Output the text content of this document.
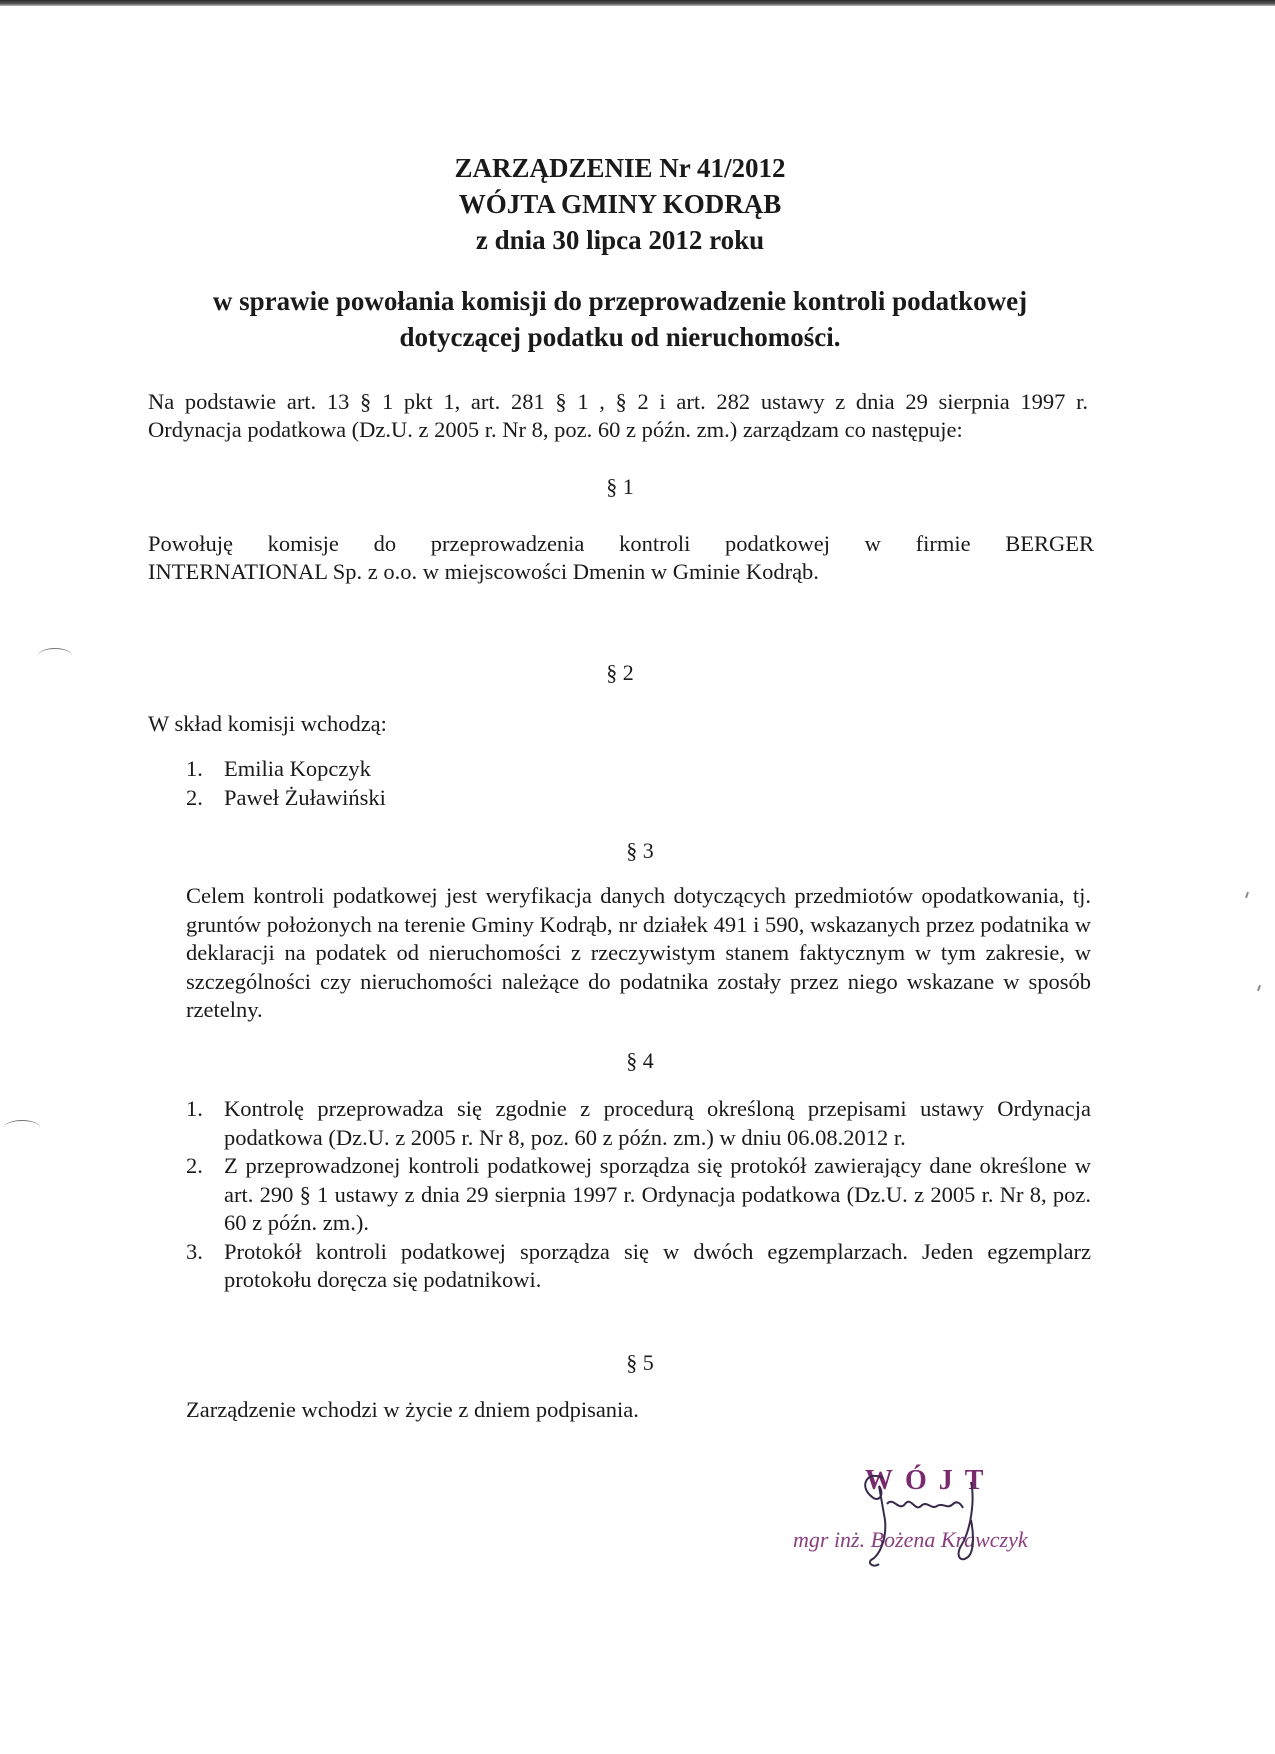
ZARZĄDZENIE Nr 41/2012
WÓJTA GMINY KODRĄB
z dnia 30 lipca 2012 roku
w sprawie powołania komisji do przeprowadzenie kontroli podatkowej
dotyczącej podatku od nieruchomości.
Na podstawie art. 13 § 1 pkt 1, art. 281 § 1 , § 2 i art. 282 ustawy z dnia 29 sierpnia 1997 r.
Ordynacja podatkowa (Dz.U. z 2005 r. Nr 8, poz. 60 z późn. zm.) zarządzam co następuje:
§ 1
Powołuję komisje do przeprowadzenia kontroli podatkowej w firmie BERGER
INTERNATIONAL Sp. z o.o. w miejscowości Dmenin w Gminie Kodrąb.
§ 2
W skład komisji wchodzą:
1. Emilia Kopczyk
2. Paweł Żuławiński
§ 3
Celem kontroli podatkowej jest weryfikacja danych dotyczących przedmiotów opodatkowania, tj. gruntów położonych na terenie Gminy Kodrąb, nr działek 491 i 590, wskazanych przez podatnika w deklaracji na podatek od nieruchomości z rzeczywistym stanem faktycznym w tym zakresie, w szczególności czy nieruchomości należące do podatnika zostały przez niego wskazane w sposób rzetelny.
§ 4
1. Kontrolę przeprowadza się zgodnie z procedurą określoną przepisami ustawy Ordynacja podatkowa (Dz.U. z 2005 r. Nr 8, poz. 60 z późn. zm.) w dniu 06.08.2012 r.
2. Z przeprowadzonej kontroli podatkowej sporządza się protokół zawierający dane określone w art. 290 § 1 ustawy z dnia 29 sierpnia 1997 r. Ordynacja podatkowa (Dz.U. z 2005 r. Nr 8, poz. 60 z późn. zm.).
3. Protokół kontroli podatkowej sporządza się w dwóch egzemplarzach. Jeden egzemplarz protokołu doręcza się podatnikowi.
§ 5
Zarządzenie wchodzi w życie z dniem podpisania.
WÓJT
mgr inż. Bożena Krawczyk
